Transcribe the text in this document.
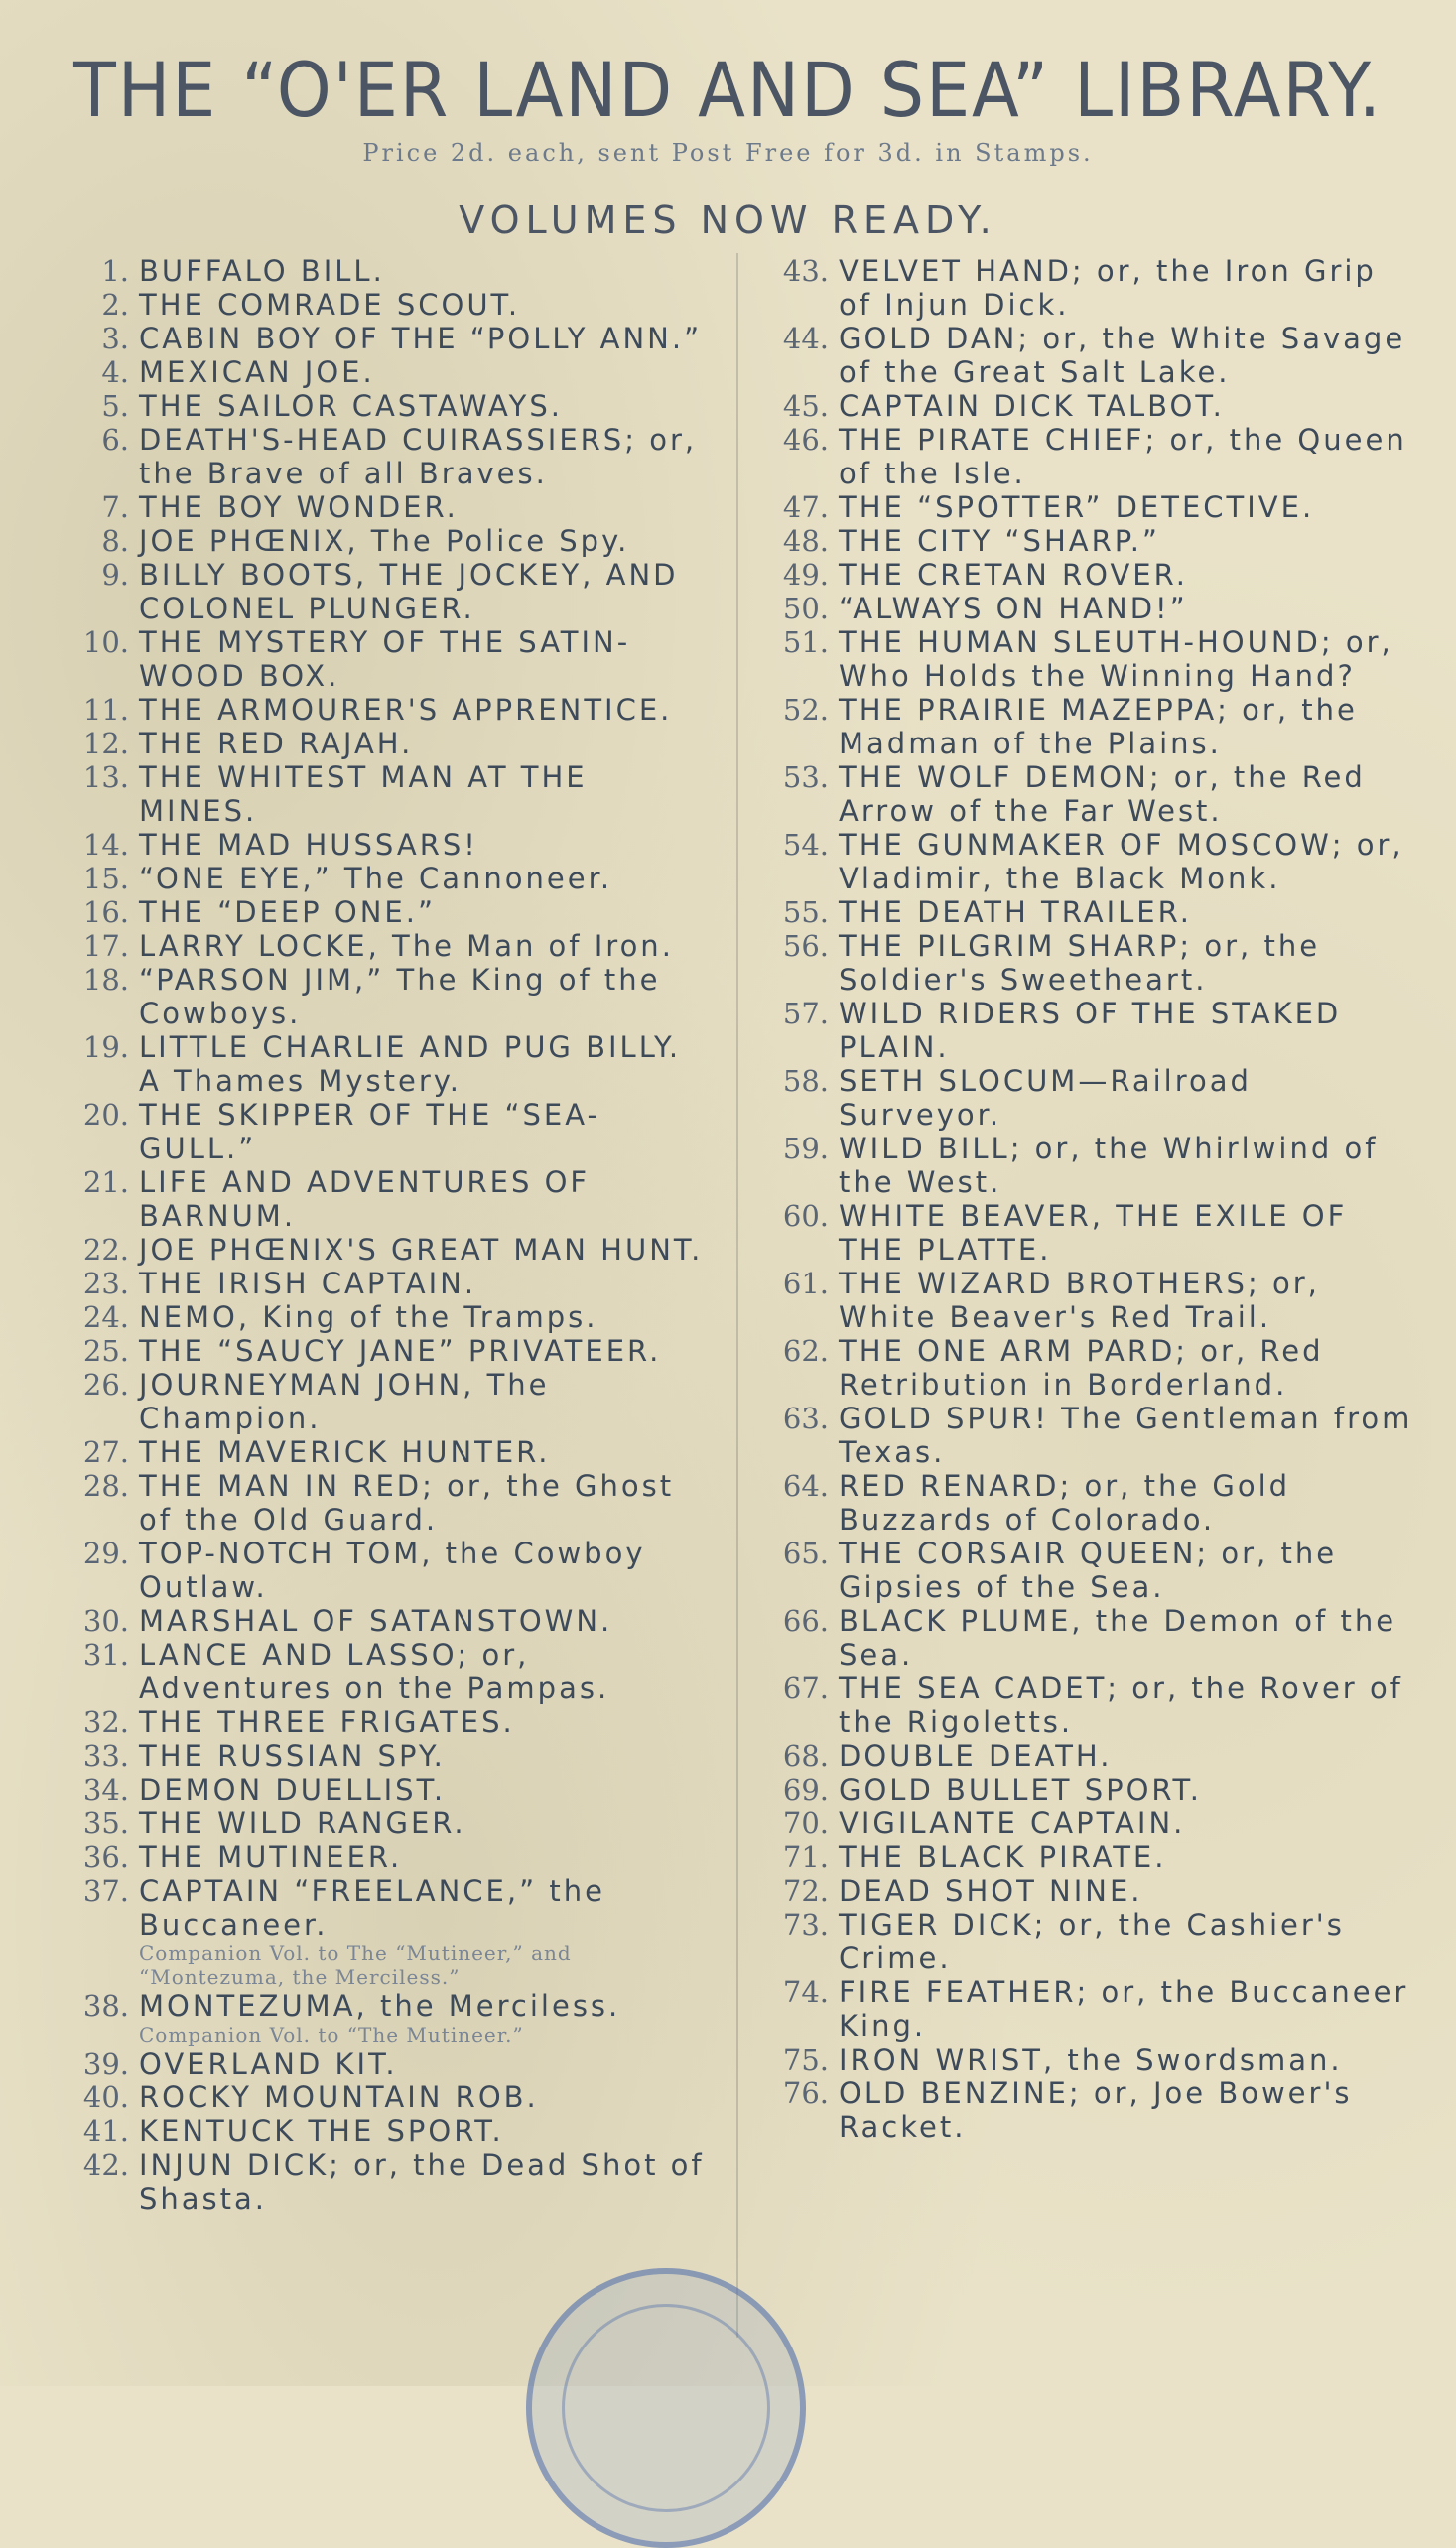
THE “O'ER LAND AND SEA” LIBRARY.
Price 2d. each, sent Post Free for 3d. in Stamps.
VOLUMES NOW READY.
1. BUFFALO BILL.
2. THE COMRADE SCOUT.
3. CABIN BOY OF THE “POLLY ANN.”
4. MEXICAN JOE.
5. THE SAILOR CASTAWAYS.
6. DEATH'S-HEAD CUIRASSIERS; or, the Brave of all Braves.
7. THE BOY WONDER.
8. JOE PHŒNIX, The Police Spy.
9. BILLY BOOTS, THE JOCKEY, AND COLONEL PLUNGER.
10. THE MYSTERY OF THE SATIN-WOOD BOX.
11. THE ARMOURER'S APPRENTICE.
12. THE RED RAJAH.
13. THE WHITEST MAN AT THE MINES.
14. THE MAD HUSSARS!
15. “ONE EYE,” The Cannoneer.
16. THE “DEEP ONE.”
17. LARRY LOCKE, The Man of Iron.
18. “PARSON JIM,” The King of the Cowboys.
19. LITTLE CHARLIE AND PUG BILLY. A Thames Mystery.
20. THE SKIPPER OF THE “SEA-GULL.”
21. LIFE AND ADVENTURES OF BARNUM.
22. JOE PHŒNIX'S GREAT MAN HUNT.
23. THE IRISH CAPTAIN.
24. NEMO, King of the Tramps.
25. THE “SAUCY JANE” PRIVATEER.
26. JOURNEYMAN JOHN, The Champion.
27. THE MAVERICK HUNTER.
28. THE MAN IN RED; or, the Ghost of the Old Guard.
29. TOP-NOTCH TOM, the Cowboy Outlaw.
30. MARSHAL OF SATANSTOWN.
31. LANCE AND LASSO; or, Adventures on the Pampas.
32. THE THREE FRIGATES.
33. THE RUSSIAN SPY.
34. DEMON DUELLIST.
35. THE WILD RANGER.
36. THE MUTINEER.
37. CAPTAIN “FREELANCE,” the Buccaneer.
Companion Vol. to The “Mutineer,” and “Montezuma, the Merciless.”
38. MONTEZUMA, the Merciless.
Companion Vol. to “The Mutineer.”
39. OVERLAND KIT.
40. ROCKY MOUNTAIN ROB.
41. KENTUCK THE SPORT.
42. INJUN DICK; or, the Dead Shot of Shasta.
43. VELVET HAND; or, the Iron Grip of Injun Dick.
44. GOLD DAN; or, the White Savage of the Great Salt Lake.
45. CAPTAIN DICK TALBOT.
46. THE PIRATE CHIEF; or, the Queen of the Isle.
47. THE “SPOTTER” DETECTIVE.
48. THE CITY “SHARP.”
49. THE CRETAN ROVER.
50. “ALWAYS ON HAND!”
51. THE HUMAN SLEUTH-HOUND; or, Who Holds the Winning Hand?
52. THE PRAIRIE MAZEPPA; or, the Madman of the Plains.
53. THE WOLF DEMON; or, the Red Arrow of the Far West.
54. THE GUNMAKER OF MOSCOW; or, Vladimir, the Black Monk.
55. THE DEATH TRAILER.
56. THE PILGRIM SHARP; or, the Soldier's Sweetheart.
57. WILD RIDERS OF THE STAKED PLAIN.
58. SETH SLOCUM—Railroad Surveyor.
59. WILD BILL; or, the Whirlwind of the West.
60. WHITE BEAVER, THE EXILE OF THE PLATTE.
61. THE WIZARD BROTHERS; or, White Beaver's Red Trail.
62. THE ONE ARM PARD; or, Red Retribution in Borderland.
63. GOLD SPUR! The Gentleman from Texas.
64. RED RENARD; or, the Gold Buzzards of Colorado.
65. THE CORSAIR QUEEN; or, the Gipsies of the Sea.
66. BLACK PLUME, the Demon of the Sea.
67. THE SEA CADET; or, the Rover of the Rigoletts.
68. DOUBLE DEATH.
69. GOLD BULLET SPORT.
70. VIGILANTE CAPTAIN.
71. THE BLACK PIRATE.
72. DEAD SHOT NINE.
73. TIGER DICK; or, the Cashier's Crime.
74. FIRE FEATHER; or, the Buccaneer King.
75. IRON WRIST, the Swordsman.
76. OLD BENZINE; or, Joe Bower's Racket.
